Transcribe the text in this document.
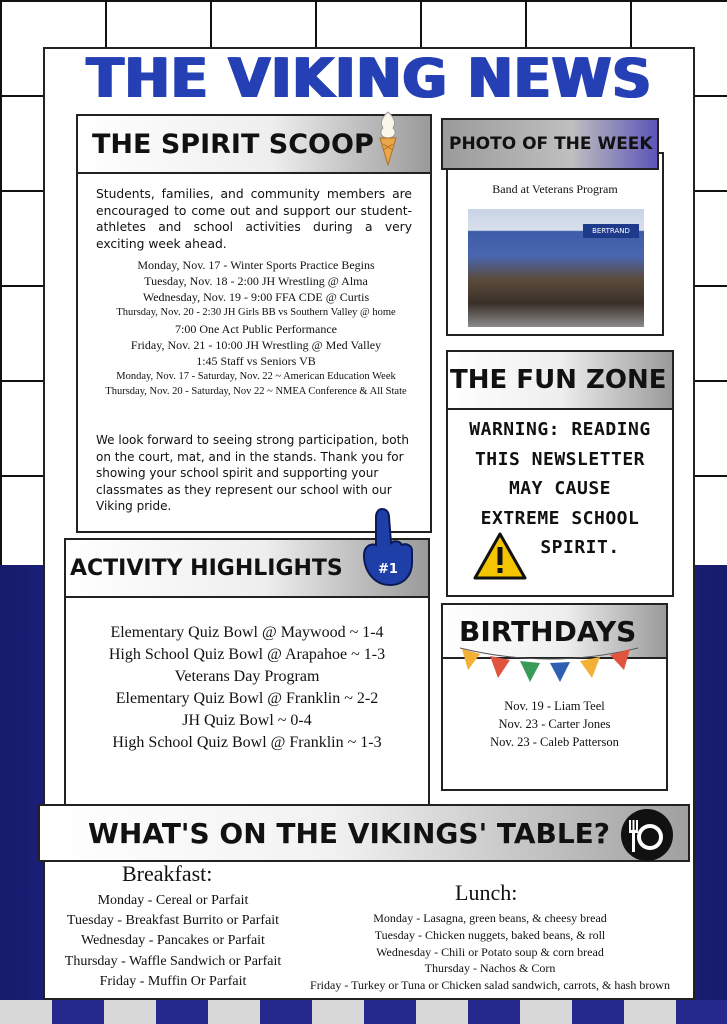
THE VIKING NEWS
THE SPIRIT SCOOP
Students, families, and community members are encouraged to come out and support our student-athletes and school activities during a very exciting week ahead.
Monday, Nov. 17 - Winter Sports Practice Begins
Tuesday, Nov. 18 - 2:00 JH Wrestling @ Alma
Wednesday, Nov. 19 - 9:00 FFA CDE @ Curtis
Thursday, Nov. 20 - 2:30 JH Girls BB vs Southern Valley @ home
7:00 One Act Public Performance
Friday, Nov. 21 - 10:00 JH Wrestling @ Med Valley
1:45 Staff vs Seniors VB
Monday, Nov. 17 - Saturday, Nov. 22 ~ American Education Week
Thursday, Nov. 20 - Saturday, Nov 22 ~ NMEA Conference & All State
We look forward to seeing strong participation, both on the court, mat, and in the stands. Thank you for showing your school spirit and supporting your classmates as they represent our school with our Viking pride.
Band at Veterans Program
BERTRAND
PHOTO OF THE WEEK
WARNING: READING
THIS NEWSLETTER
MAY CAUSE
EXTREME SCHOOL
SPIRIT.
THE FUN ZONE
Elementary Quiz Bowl @ Maywood ~ 1-4
High School Quiz Bowl @ Arapahoe ~ 1-3
Veterans Day Program
Elementary Quiz Bowl @ Franklin ~ 2-2
JH Quiz Bowl ~ 0-4
High School Quiz Bowl @ Franklin ~ 1-3
ACTIVITY HIGHLIGHTS	#1
Nov. 19 - Liam Teel
Nov. 23 - Carter Jones
Nov. 23 - Caleb Patterson
BIRTHDAYS
WHAT'S ON THE VIKINGS' TABLE?
Breakfast:
Monday - Cereal or Parfait
Tuesday - Breakfast Burrito or Parfait
Wednesday - Pancakes or Parfait
Thursday - Waffle Sandwich or Parfait
Friday - Muffin Or Parfait
Lunch:
Monday - Lasagna, green beans, & cheesy bread
Tuesday - Chicken nuggets, baked beans, & roll
Wednesday - Chili or Potato soup & corn bread
Thursday - Nachos & Corn
Friday - Turkey or Tuna or Chicken salad sandwich, carrots, & hash brown
